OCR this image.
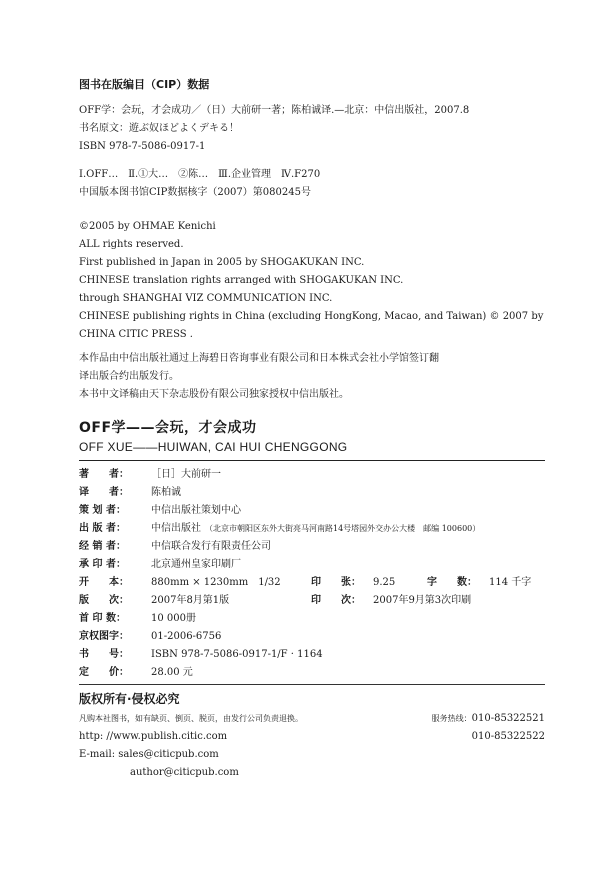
图书在版编目（CIP）数据
OFF学：会玩，才会成功／（日）大前研一著；陈柏诚译.—北京：中信出版社，2007.8
书名原文：遊ぶ奴ほどよくデキる！
ISBN 978-7-5086-0917-1
Ⅰ.OFF…　Ⅱ.①大…　②陈…　Ⅲ.企业管理　Ⅳ.F270
中国版本图书馆CIP数据核字（2007）第080245号
©2005 by OHMAE Kenichi
ALL rights reserved.
First published in Japan in 2005 by SHOGAKUKAN INC.
CHINESE translation rights arranged with SHOGAKUKAN INC.
through SHANGHAI VIZ COMMUNICATION INC.
CHINESE publishing rights in China (excluding HongKong, Macao, and Taiwan) © 2007 by
CHINA CITIC PRESS .
本作品由中信出版社通过上海碧日咨询事业有限公司和日本株式会社小学馆签订翻
译出版合约出版发行。
本书中文译稿由天下杂志股份有限公司独家授权中信出版社。
OFF学——会玩，才会成功
OFF XUE——HUIWAN, CAI HUI CHENGGONG
著　　者：	［日］大前研一
译　　者：	陈柏诚
策 划 者：	中信出版社策划中心
出 版 者：	中信出版社 （北京市朝阳区东外大街亮马河南路14号塔园外交办公大楼　邮编 100600）
经 销 者：	中信联合发行有限责任公司
承 印 者：	北京通州皇家印刷厂
开　　本：	880mm × 1230mm　1/32	印　　张： 9.25	字　　数： 114 千字
版　　次：	2007年8月第1版	印　　次： 2007年9月第3次印刷
首 印 数：	10 000册
京权图字：	01-2006-6756
书　　号：	ISBN 978-7-5086-0917-1/F · 1164
定　　价：	28.00 元
版权所有·侵权必究
凡购本社图书，如有缺页、倒页、脱页，由发行公司负责退换。	服务热线：010-85322521
http: //www.publish.citic.com	010-85322522
E-mail: sales@citicpub.com
author@citicpub.com
